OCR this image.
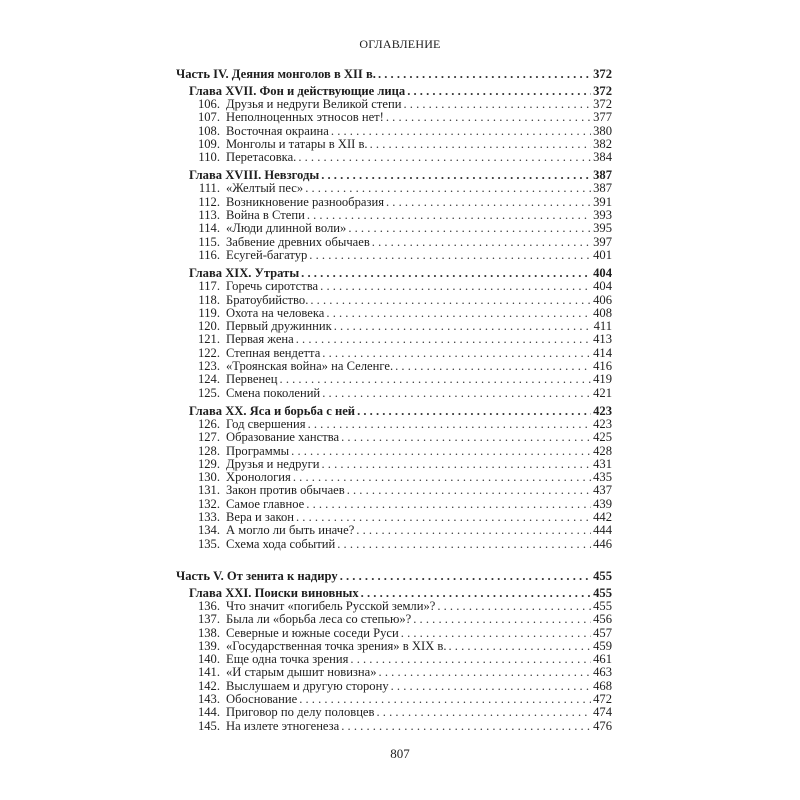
ОГЛАВЛЕНИЕ
Часть IV. Деяния монголов в XII в. . . .	372
Глава XVII. Фон и действующие лица . . .	372
106. Друзья и недруги Великой степи . . .	372
107. Неполноценных этносов нет! . . .	377
108. Восточная окраина . . .	380
109. Монголы и татары в XII в. . . .	382
110. Перетасовка. . . .	384
Глава XVIII. Невзгоды . . .	387
111. «Желтый пес» . . .	387
112. Возникновение разнообразия . . .	391
113. Война в Степи . . .	393
114. «Люди длинной воли» . . .	395
115. Забвение древних обычаев . . .	397
116. Есугей-багатур . . .	401
Глава XIX. Утраты . . .	404
117. Горечь сиротства . . .	404
118. Братоубийство. . . .	406
119. Охота на человека . . .	408
120. Первый дружинник . . .	411
121. Первая жена . . .	413
122. Степная вендетта . . .	414
123. «Троянская война» на Селенге. . . .	416
124. Первенец . . .	419
125. Смена поколений . . .	421
Глава XX. Яса и борьба с ней . . .	423
126. Год свершения . . .	423
127. Образование ханства . . .	425
128. Программы . . .	428
129. Друзья и недруги . . .	431
130. Хронология . . .	435
131. Закон против обычаев . . .	437
132. Самое главное . . .	439
133. Вера и закон . . .	442
134. А могло ли быть иначе? . . .	444
135. Схема хода событий . . .	446
Часть V. От зенита к надиру . . .	455
Глава XXI. Поиски виновных . . .	455
136. Что значит «погибель Русской земли»? . . .	455
137. Была ли «борьба леса со степью»? . . .	456
138. Северные и южные соседи Руси . . .	457
139. «Государственная точка зрения» в XIX в. . . .	459
140. Еще одна точка зрения . . .	461
141. «И старым дышит новизна» . . .	463
142. Выслушаем и другую сторону . . .	468
143. Обоснование . . .	472
144. Приговор по делу половцев . . .	474
145. На излете этногенеза . . .	476
807
